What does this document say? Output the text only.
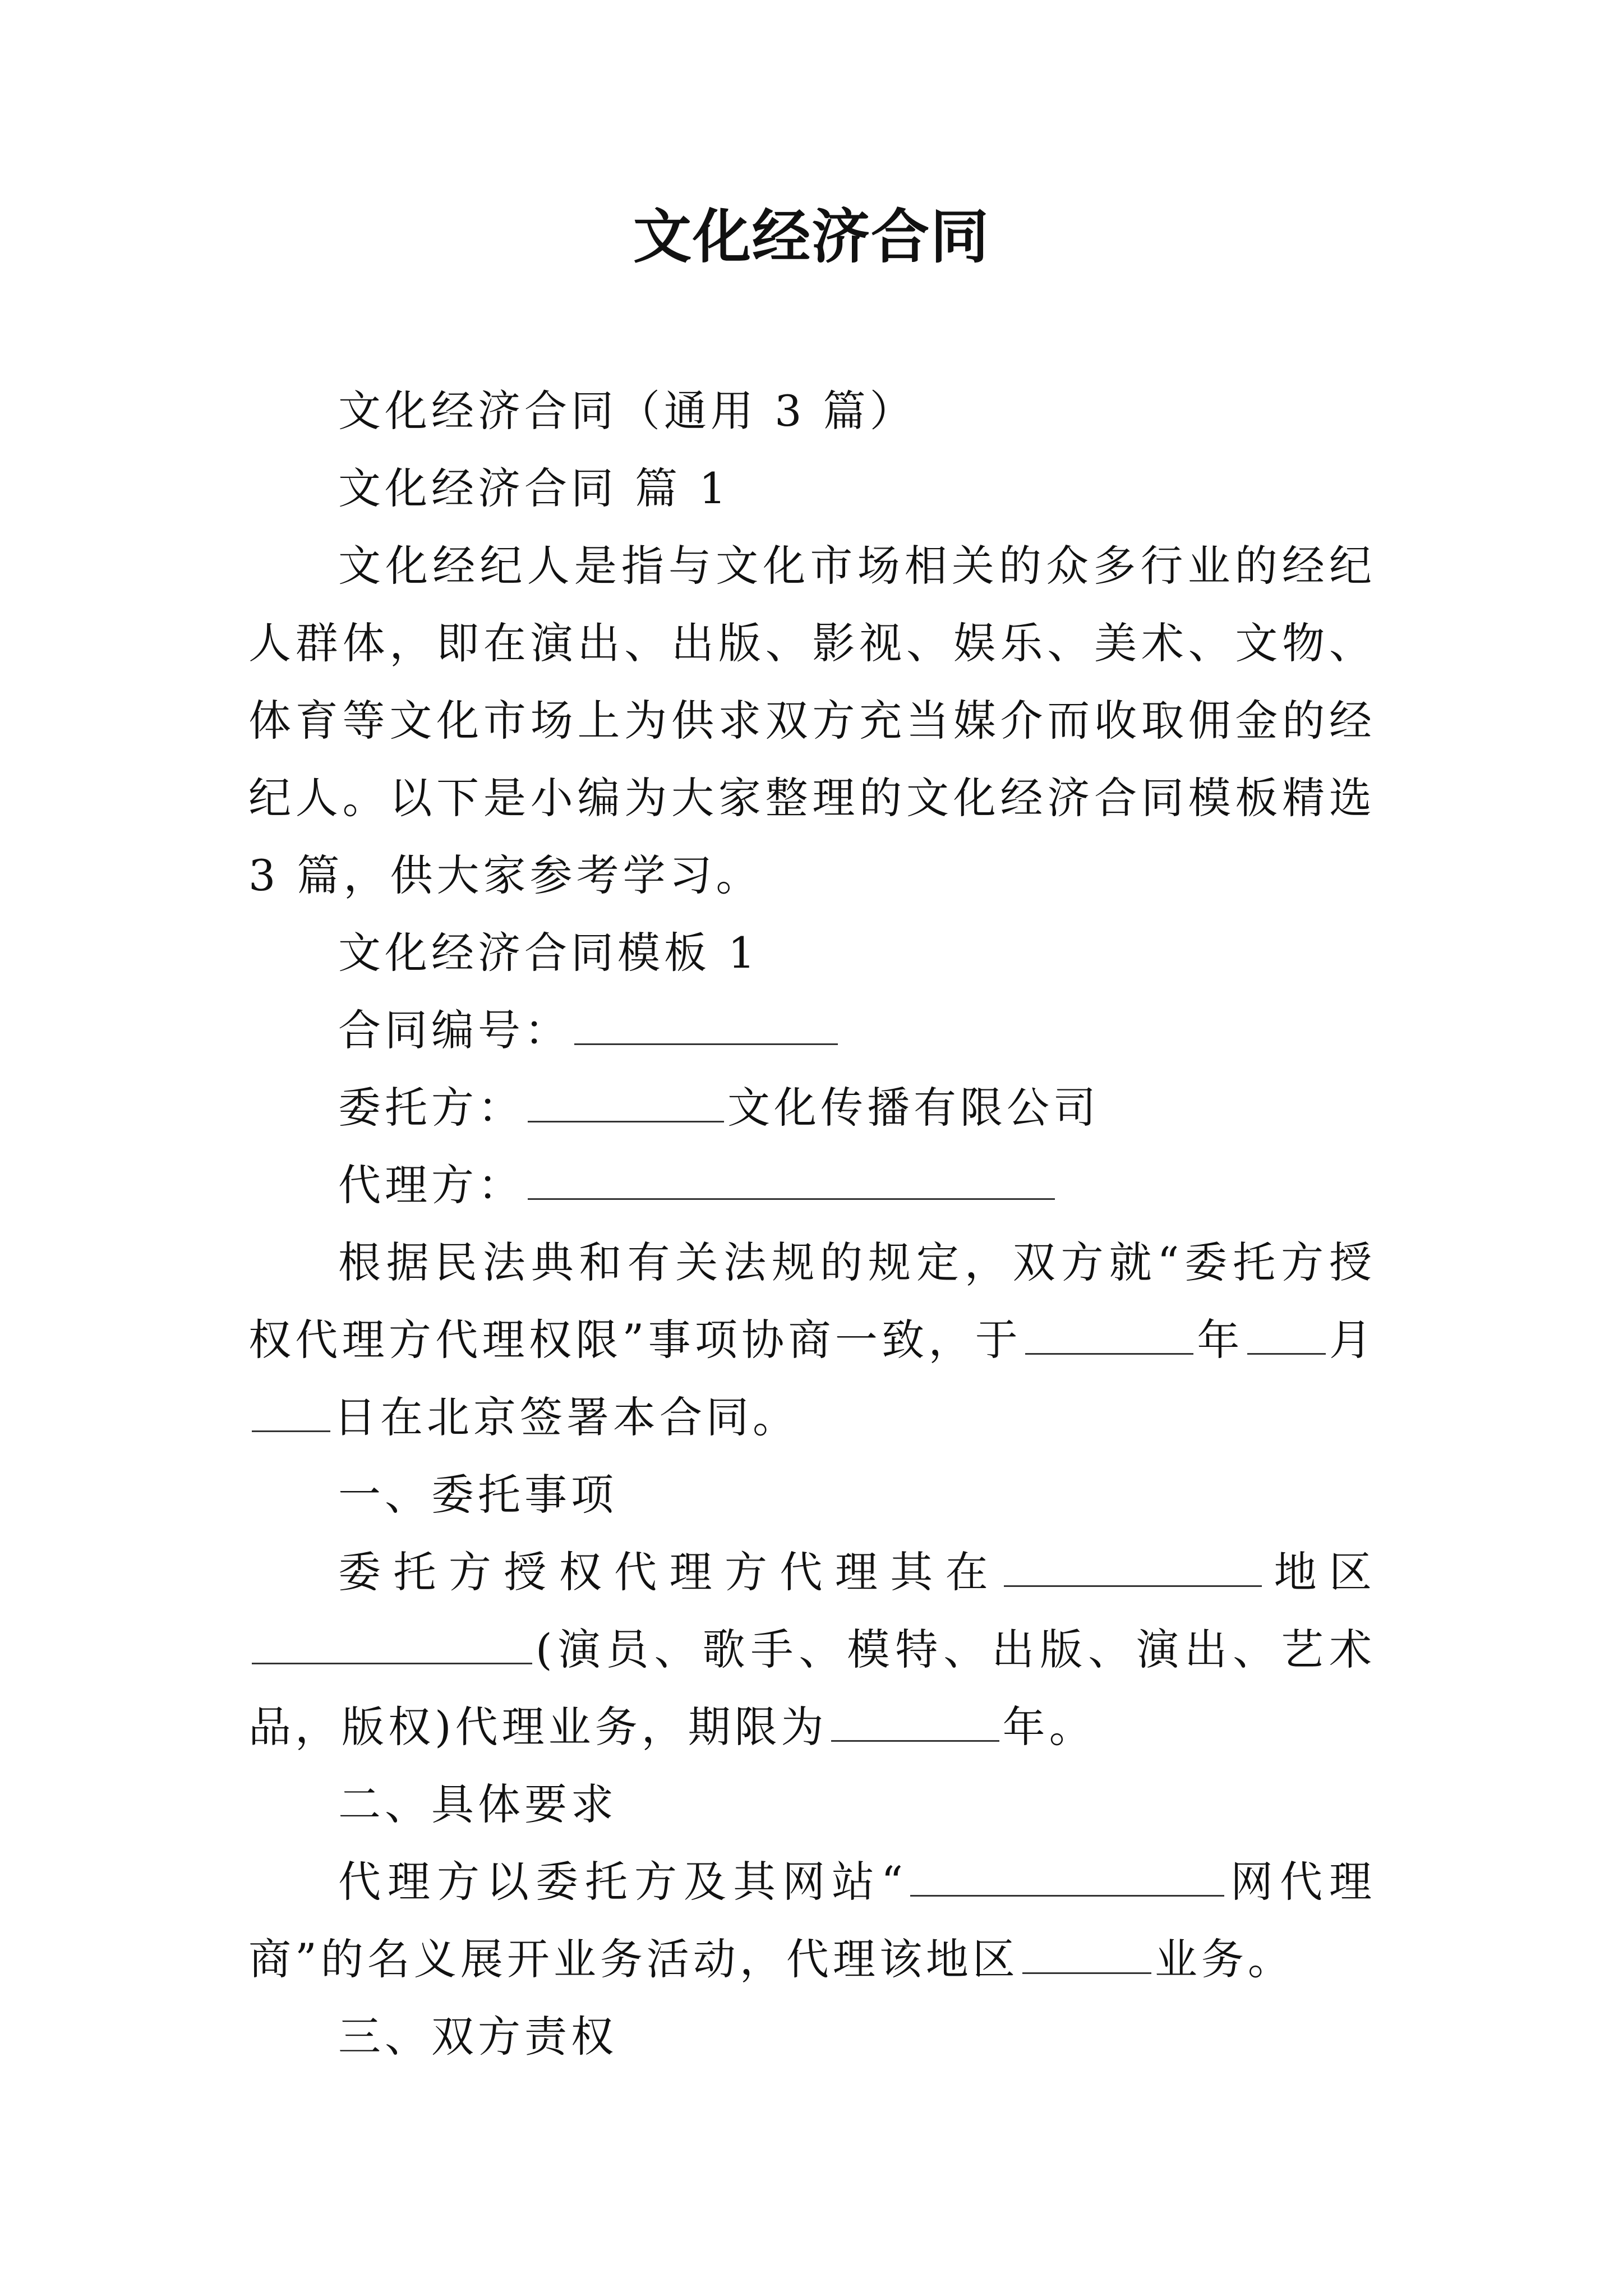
文化经济合同

文化经济合同（通用 3 篇）

文化经济合同 篇 1

文化经纪人是指与文化市场相关的众多行业的经纪人群体，即在演出、出版、影视、娱乐、美术、文物、体育等文化市场上为供求双方充当媒介而收取佣金的经纪人。以下是小编为大家整理的文化经济合同模板精选 3 篇，供大家参考学习。

文化经济合同模板 1

合同编号：

委托方：	文化传播有限公司

代理方：

根据民法典和有关法规的规定，双方就“委托方授权代理方代理权限”事项协商一致，于	年 月日在北京签署本合同。

一、委托事项

委托方授权代理方代理其在	地区(演员、歌手、模特、出版、演出、艺术品，版权)代理业务，期限为	年。

二、具体要求

代理方以委托方及其网站“	网代理商”的名义展开业务活动，代理该地区	业务。

三、双方责权
